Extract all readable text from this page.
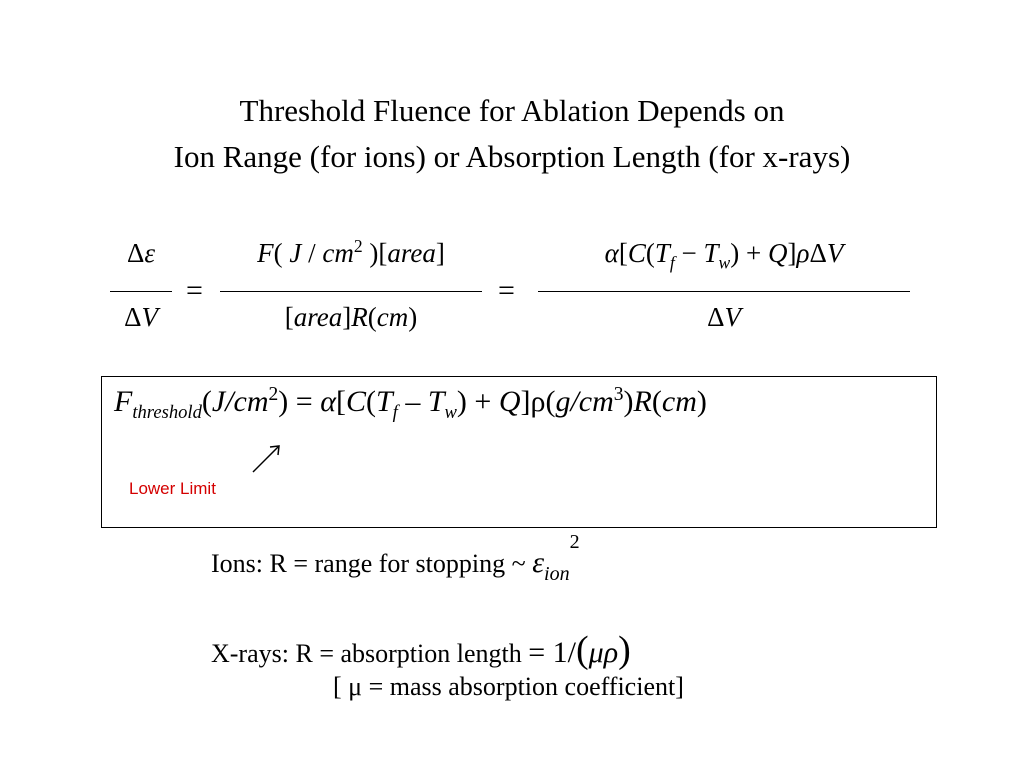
Threshold Fluence for Ablation Depends on
Ion Range (for ions) or Absorption Length (for x-rays)
Δε
ΔV
=
F( J / $cm^2$ )[area]
[area]R(cm)
=
$\alpha[C(T_f - T_w) + Q]\rho\Delta V$
ΔV
$F_{threshold}(J/cm^2) = \alpha[C(T_f - T_w) + Q]\rho(g/cm^3)R(cm)$
Lower Limit
Ions: R = range for stopping ~ $\varepsilon_{ion}^2$
X-rays: R = absorption length = 1/(μρ)
[ μ = mass absorption coefficient]
